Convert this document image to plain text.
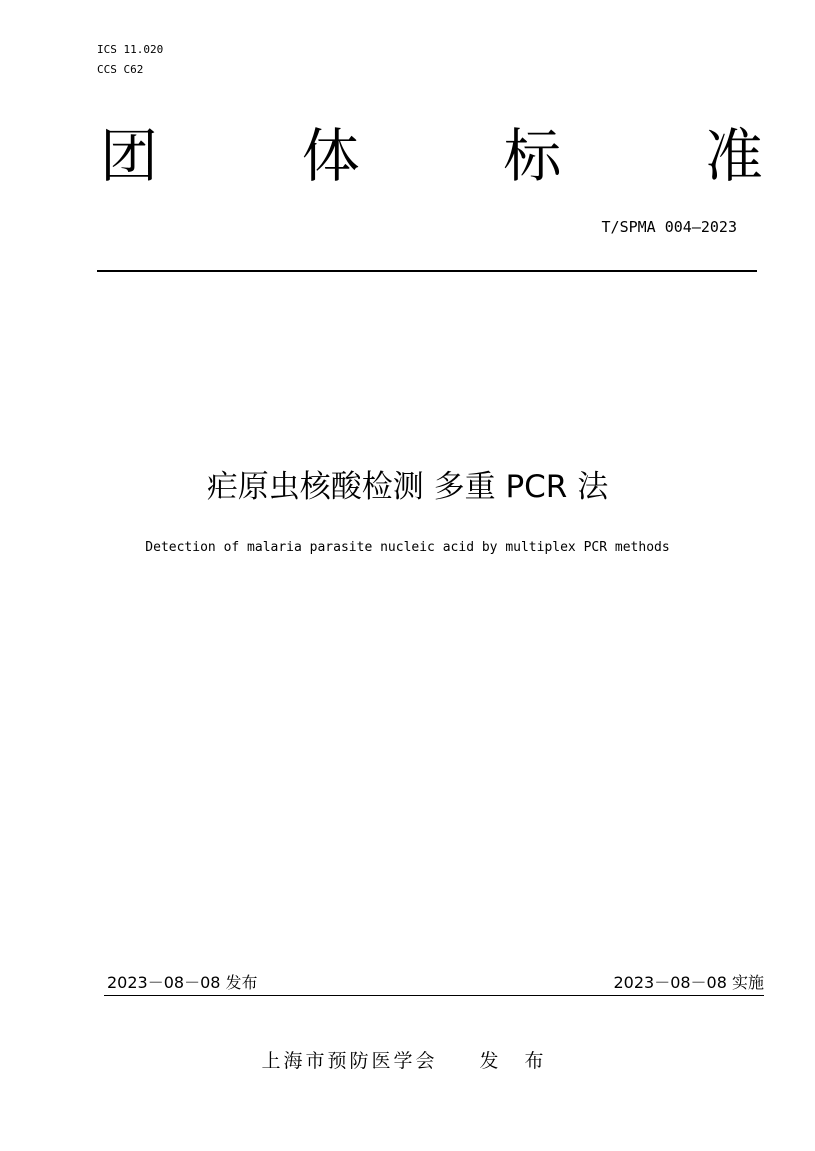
ICS 11.020
CCS C62
团 体 标 准
T/SPMA 004—2023
疟原虫核酸检测 多重 PCR 法
Detection of malaria parasite nucleic acid by multiplex PCR methods
2023－08－08 发布	2023－08－08 实施
上海市预防医学会 发 布
